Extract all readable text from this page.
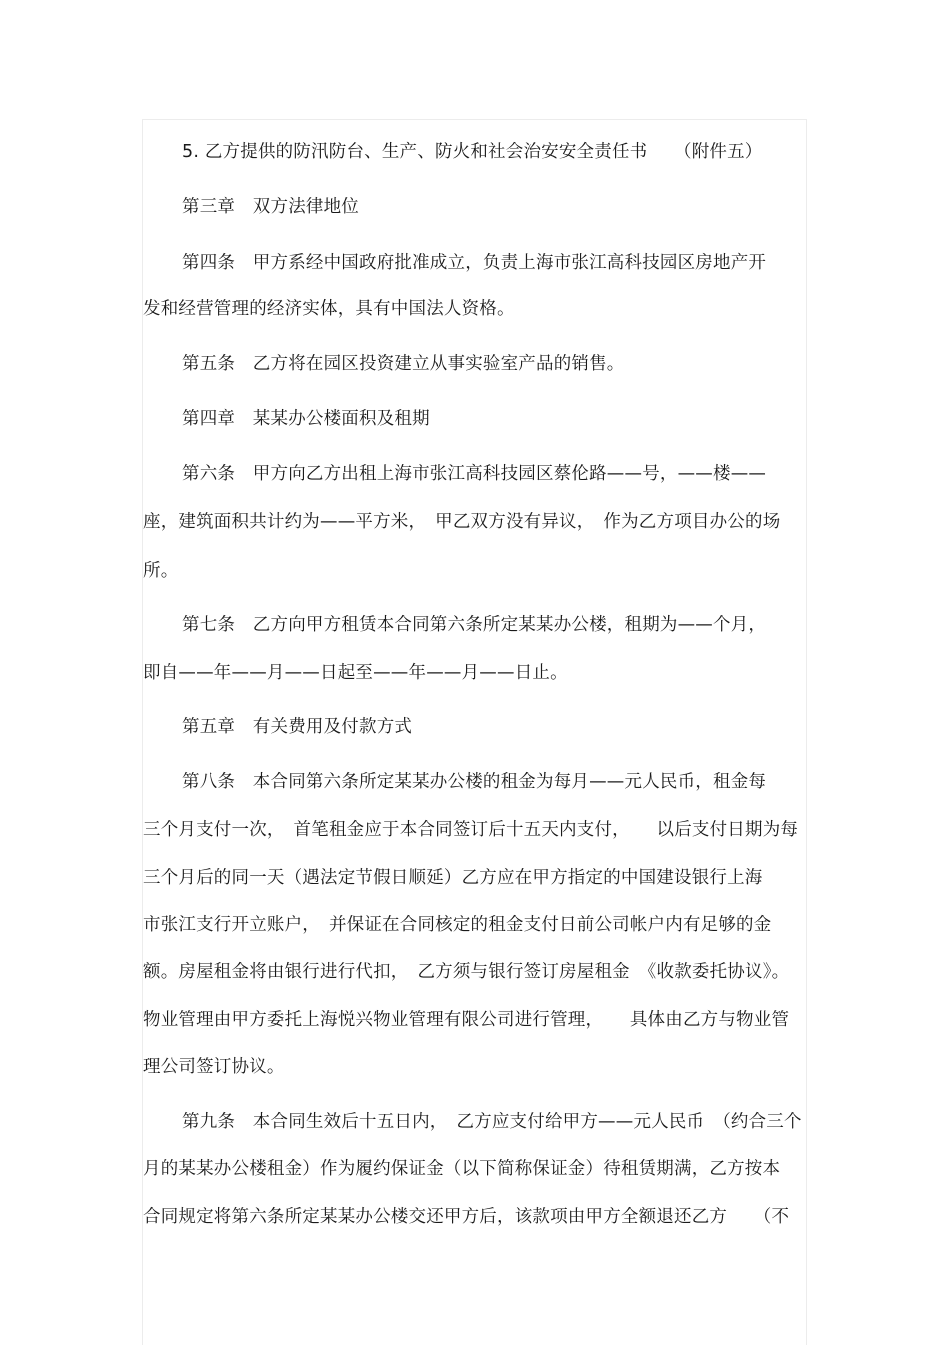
5. 乙方提供的防汛防台、生产、防火和社会治安安全责任书　　（附件五）
第三章　双方法律地位
第四条　甲方系经中国政府批准成立，负责上海市张江高科技园区房地产开
发和经营管理的经济实体，具有中国法人资格。
第五条　乙方将在园区投资建立从事实验室产品的销售。
第四章　某某办公楼面积及租期
第六条　甲方向乙方出租上海市张江高科技园区蔡伦路——号，——楼——
座，建筑面积共计约为——平方米，　甲乙双方没有异议，　作为乙方项目办公的场
所。
第七条　乙方向甲方租赁本合同第六条所定某某办公楼，租期为——个月，
即自——年——月——日起至——年——月——日止。
第五章　有关费用及付款方式
第八条　本合同第六条所定某某办公楼的租金为每月——元人民币，租金每
三个月支付一次，　首笔租金应于本合同签订后十五天内支付，　　以后支付日期为每
三个月后的同一天（遇法定节假日顺延）乙方应在甲方指定的中国建设银行上海
市张江支行开立账户，　并保证在合同核定的租金支付日前公司帐户内有足够的金
额。房屋租金将由银行进行代扣，　乙方须与银行签订房屋租金　《收款委托协议》。
物业管理由甲方委托上海悦兴物业管理有限公司进行管理，　　具体由乙方与物业管
理公司签订协议。
第九条　本合同生效后十五日内，　乙方应支付给甲方——元人民币　（约合三个
月的某某办公楼租金）作为履约保证金（以下简称保证金）待租赁期满，乙方按本
合同规定将第六条所定某某办公楼交还甲方后，该款项由甲方全额退还乙方　　（不
